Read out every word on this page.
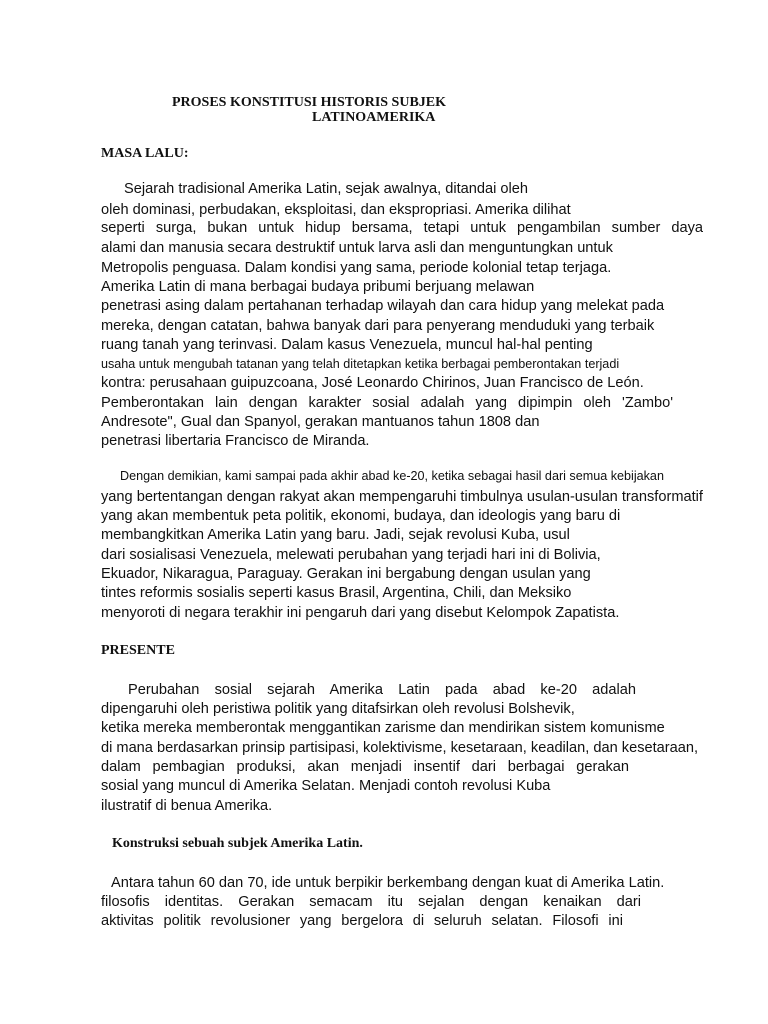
PROSES KONSTITUSI HISTORIS SUBJEK
LATINOAMERIKA
MASA LALU:
Sejarah tradisional Amerika Latin, sejak awalnya, ditandai oleh
oleh dominasi, perbudakan, eksploitasi, dan ekspropriasi. Amerika dilihat
seperti surga, bukan untuk hidup bersama, tetapi untuk pengambilan sumber daya
alami dan manusia secara destruktif untuk larva asli dan menguntungkan untuk
Metropolis penguasa. Dalam kondisi yang sama, periode kolonial tetap terjaga.
Amerika Latin di mana berbagai budaya pribumi berjuang melawan
penetrasi asing dalam pertahanan terhadap wilayah dan cara hidup yang melekat pada
mereka, dengan catatan, bahwa banyak dari para penyerang menduduki yang terbaik
ruang tanah yang terinvasi. Dalam kasus Venezuela, muncul hal-hal penting
usaha untuk mengubah tatanan yang telah ditetapkan ketika berbagai pemberontakan terjadi
kontra: perusahaan guipuzcoana, José Leonardo Chirinos, Juan Francisco de León.
Pemberontakan lain dengan karakter sosial adalah yang dipimpin oleh 'Zambo'
Andresote", Gual dan Spanyol, gerakan mantuanos tahun 1808 dan
penetrasi libertaria Francisco de Miranda.
Dengan demikian, kami sampai pada akhir abad ke-20, ketika sebagai hasil dari semua kebijakan
yang bertentangan dengan rakyat akan mempengaruhi timbulnya usulan-usulan transformatif
yang akan membentuk peta politik, ekonomi, budaya, dan ideologis yang baru di
membangkitkan Amerika Latin yang baru. Jadi, sejak revolusi Kuba, usul
dari sosialisasi Venezuela, melewati perubahan yang terjadi hari ini di Bolivia,
Ekuador, Nikaragua, Paraguay. Gerakan ini bergabung dengan usulan yang
tintes reformis sosialis seperti kasus Brasil, Argentina, Chili, dan Meksiko
menyoroti di negara terakhir ini pengaruh dari yang disebut Kelompok Zapatista.
PRESENTE
Perubahan sosial sejarah Amerika Latin pada abad ke-20 adalah
dipengaruhi oleh peristiwa politik yang ditafsirkan oleh revolusi Bolshevik,
ketika mereka memberontak menggantikan zarisme dan mendirikan sistem komunisme
di mana berdasarkan prinsip partisipasi, kolektivisme, kesetaraan, keadilan, dan kesetaraan,
dalam pembagian produksi, akan menjadi insentif dari berbagai gerakan
sosial yang muncul di Amerika Selatan. Menjadi contoh revolusi Kuba
ilustratif di benua Amerika.
Konstruksi sebuah subjek Amerika Latin.
Antara tahun 60 dan 70, ide untuk berpikir berkembang dengan kuat di Amerika Latin.
filosofis identitas. Gerakan semacam itu sejalan dengan kenaikan dari
aktivitas politik revolusioner yang bergelora di seluruh selatan. Filosofi ini
